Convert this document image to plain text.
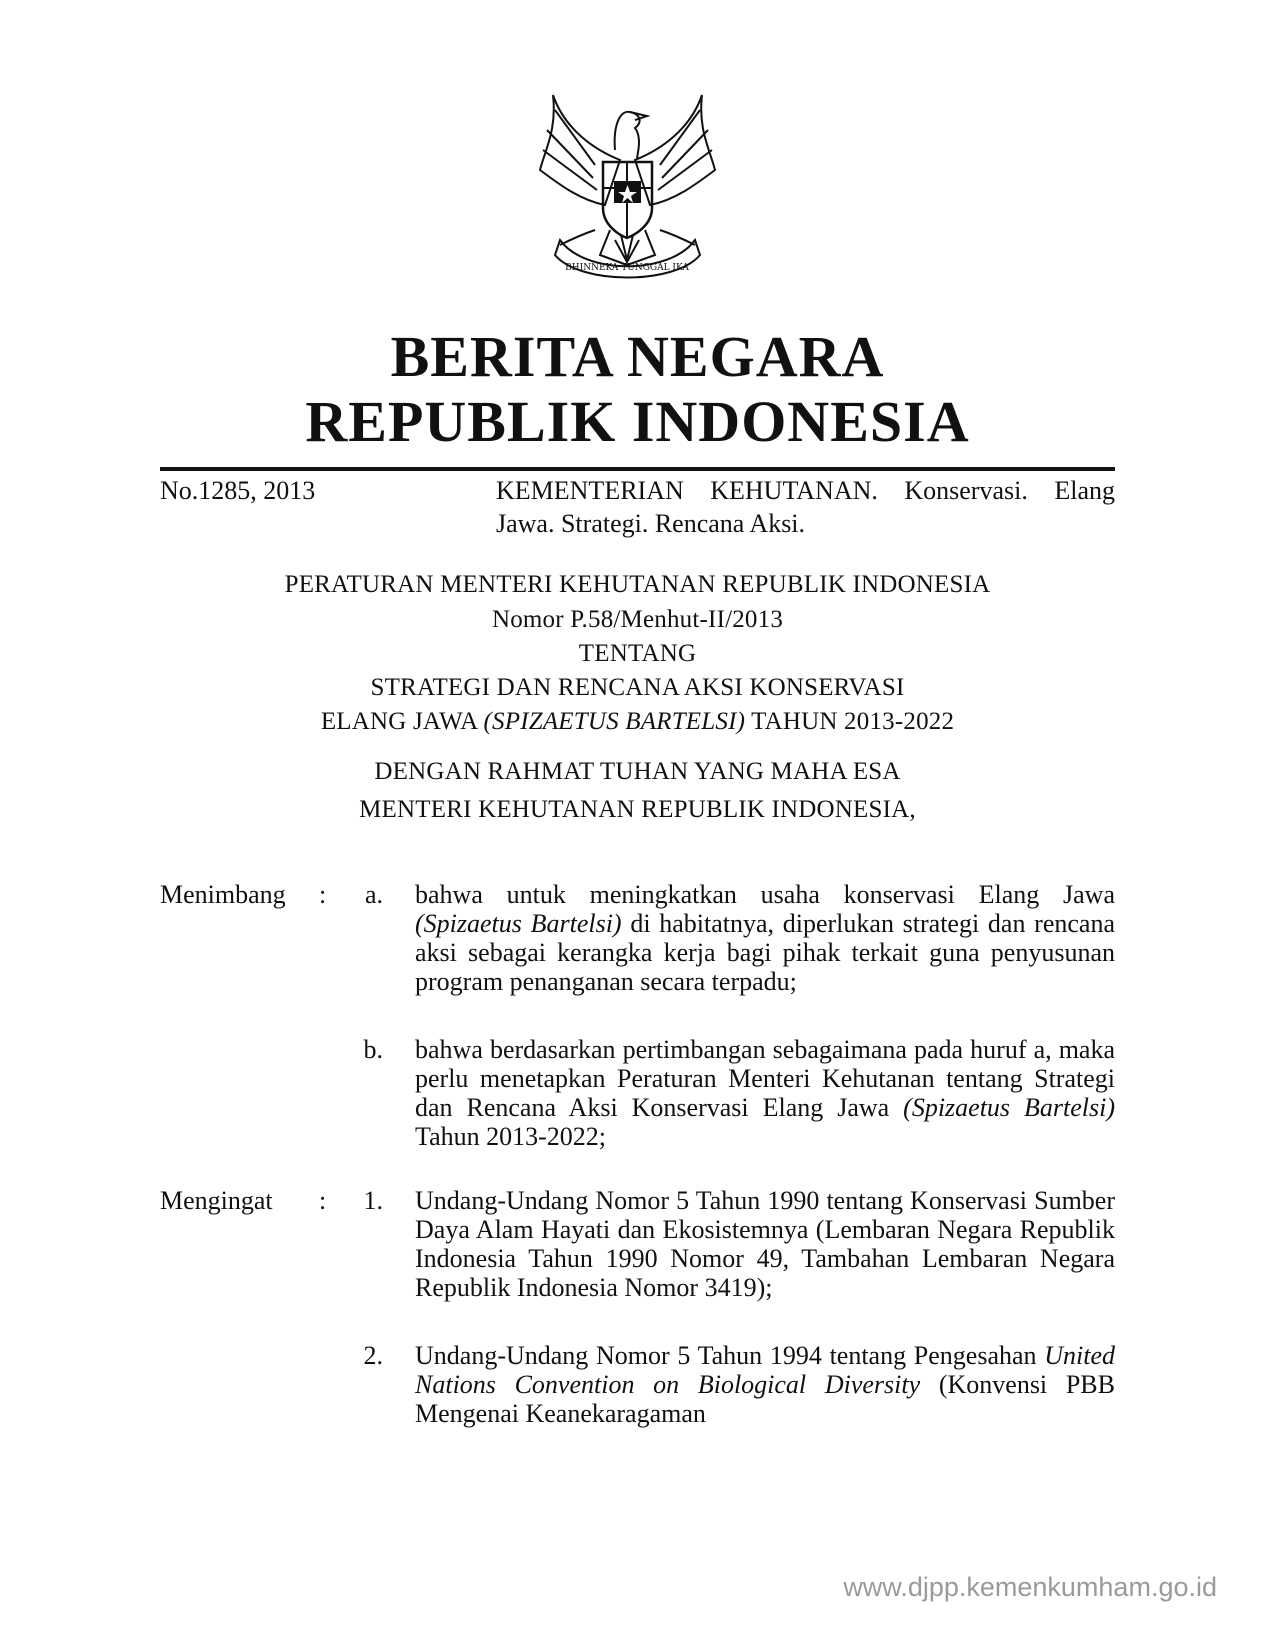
BHINNEKA TUNGGAL IKA
BERITA NEGARA
REPUBLIK INDONESIA
No.1285, 2013	KEMENTERIAN KEHUTANAN. Konservasi. Elang Jawa. Strategi. Rencana Aksi.
PERATURAN MENTERI KEHUTANAN REPUBLIK INDONESIA
Nomor P.58/Menhut-II/2013
TENTANG
STRATEGI DAN RENCANA AKSI KONSERVASI
ELANG JAWA (SPIZAETUS BARTELSI) TAHUN 2013-2022
DENGAN RAHMAT TUHAN YANG MAHA ESA
MENTERI KEHUTANAN REPUBLIK INDONESIA,
Menimbang :	a. bahwa untuk meningkatkan usaha konservasi Elang Jawa (Spizaetus Bartelsi) di habitatnya, diperlukan strategi dan rencana aksi sebagai kerangka kerja bagi pihak terkait guna penyusunan program penanganan secara terpadu;
b. bahwa berdasarkan pertimbangan sebagaimana pada huruf a, maka perlu menetapkan Peraturan Menteri Kehutanan tentang Strategi dan Rencana Aksi Konservasi Elang Jawa (Spizaetus Bartelsi) Tahun 2013-2022;
Mengingat :	1. Undang-Undang Nomor 5 Tahun 1990 tentang Konservasi Sumber Daya Alam Hayati dan Ekosistemnya (Lembaran Negara Republik Indonesia Tahun 1990 Nomor 49, Tambahan Lembaran Negara Republik Indonesia Nomor 3419);
2. Undang-Undang Nomor 5 Tahun 1994 tentang Pengesahan United Nations Convention on Biological Diversity (Konvensi PBB Mengenai Keanekaragaman
www.djpp.kemenkumham.go.id
